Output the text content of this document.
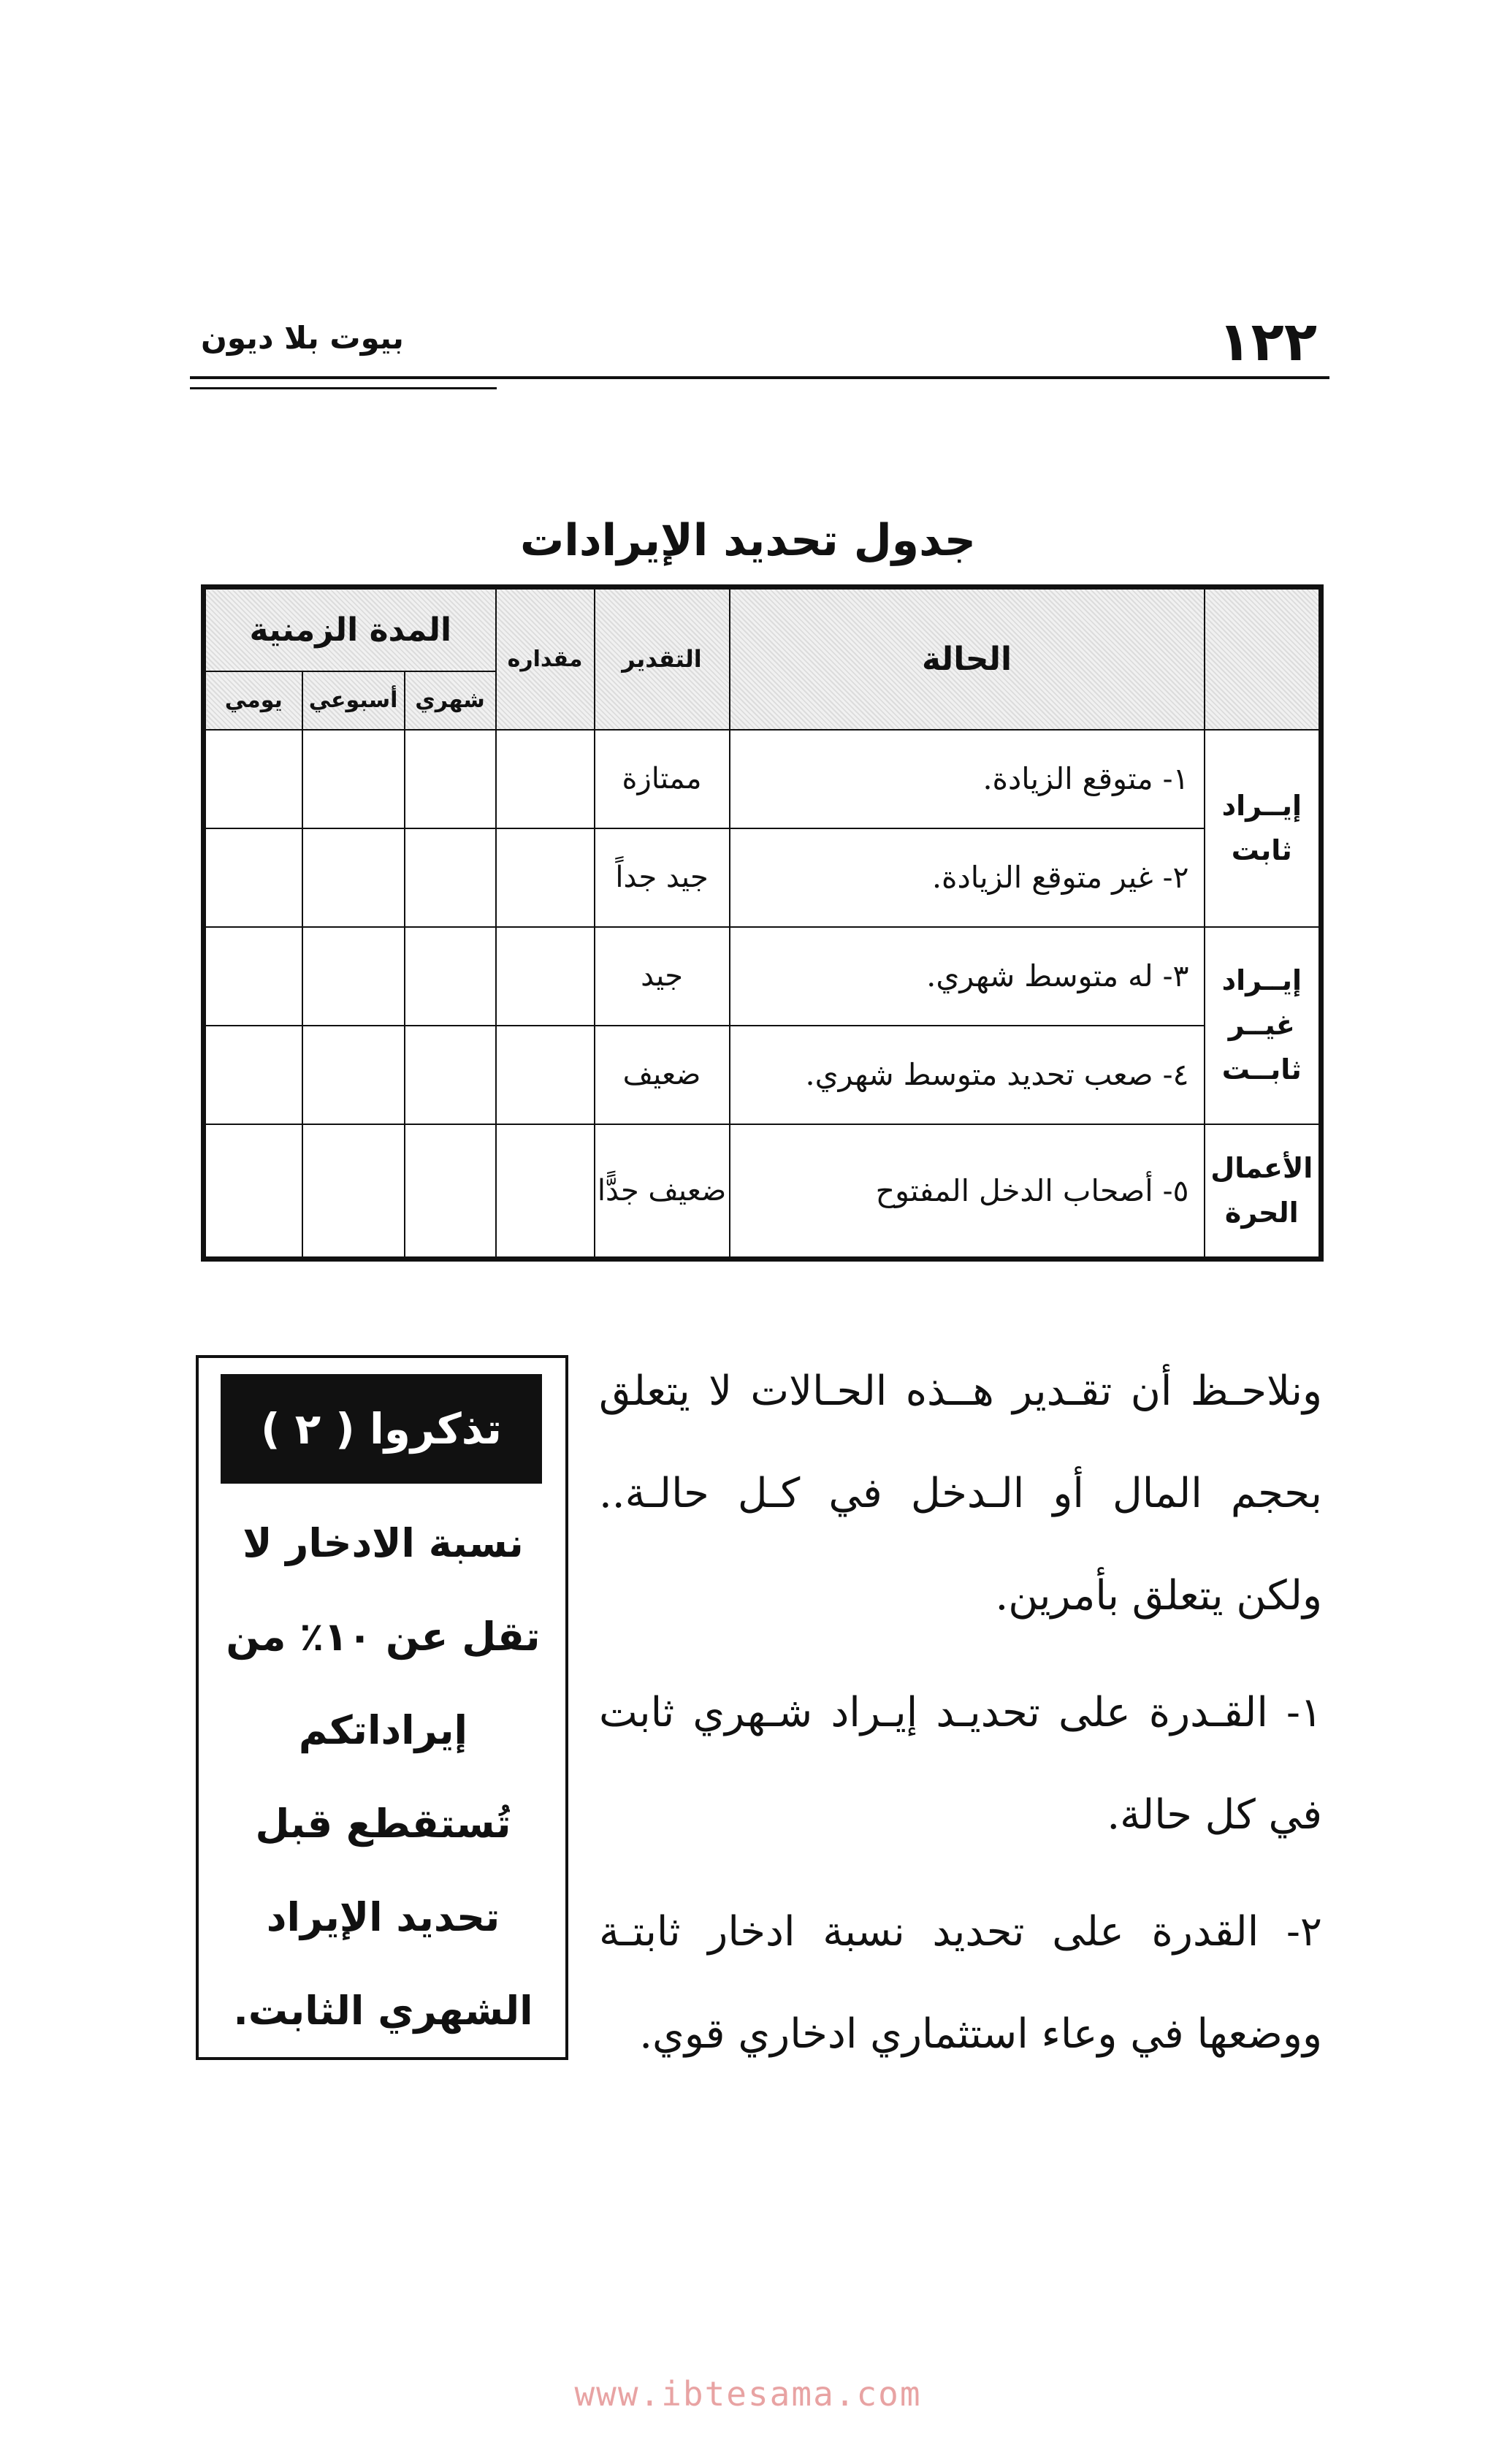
١٢٢
بيوت بلا ديون
جدول تحديد الإيرادات
	الحالة	التقدير	مقداره	المدة الزمنية		
				شهري	أسبوعي	يومي
إيــراد ثابت	١- متوقع الزيادة.	ممتازة				
	٢- غير متوقع الزيادة.	جيد جداً				
إيــراد غيــر ثابــت	٣- له متوسط شهري.	جيد				
	٤- صعب تحديد متوسط شهري.	ضعيف				
الأعمال الحرة	٥- أصحاب الدخل المفتوح	ضعيف جدًّا				
تذكروا ( ٢ )
نسبة الادخار لا تقل عن ١٠٪ من إيراداتكم تُستقطع قبل تحديد الإيراد الشهري الثابت.

ونلاحـظ أن تقـدير هــذه الحـالات لا يتعلق بحجم المال أو الـدخل في كـل حالـة.. ولكن يتعلق بأمرين.

١- القـدرة على تحديـد إيـراد شـهري ثابت في كل حالة.

٢- القدرة على تحديد نسبة ادخار ثابتـة ووضعها في وعاء استثماري ادخاري قوي.

www.ibtesama.com
